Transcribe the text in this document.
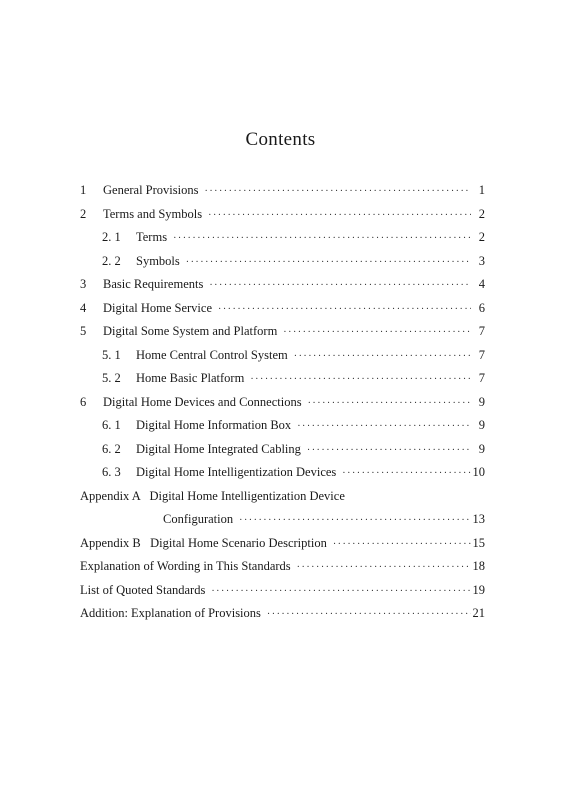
Contents
1	General Provisions ·····	1
2	Terms and Symbols ·····	2
2. 1	Terms ·····	2
2. 2	Symbols ·····	3
3	Basic Requirements ·····	4
4	Digital Home Service ·····	6
5	Digital Some System and Platform ·····	7
5. 1	Home Central Control System ·····	7
5. 2	Home Basic Platform ·····	7
6	Digital Home Devices and Connections ·····	9
6. 1	Digital Home Information Box ·····	9
6. 2	Digital Home Integrated Cabling ·····	9
6. 3	Digital Home Intelligentization Devices ·····	10
Appendix A   Digital Home Intelligentization Device
Configuration ·····	13
Appendix B   Digital Home Scenario Description ·····	15
Explanation of Wording in This Standards ·····	18
List of Quoted Standards ·····	19
Addition: Explanation of Provisions ·····	21
